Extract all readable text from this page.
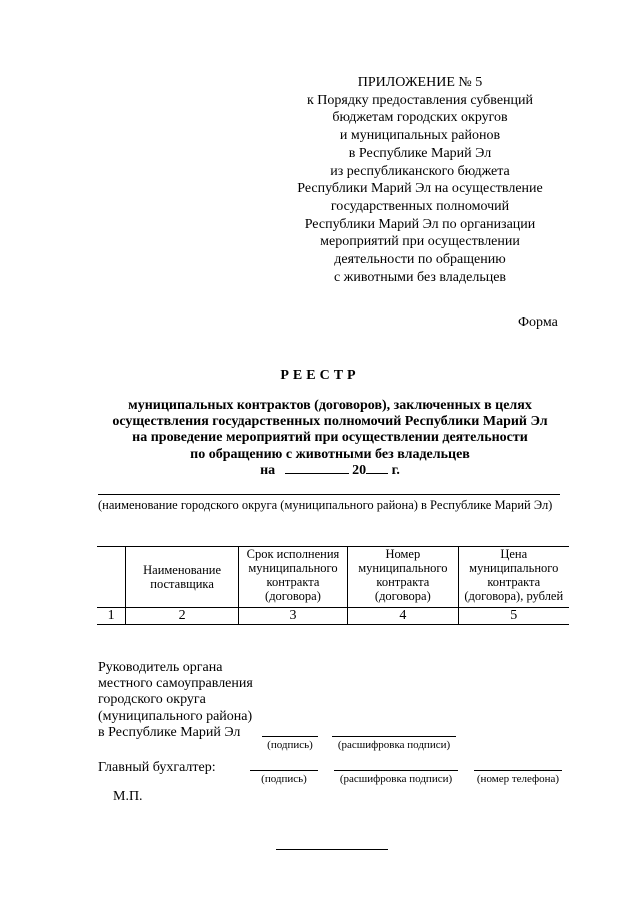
ПРИЛОЖЕНИЕ № 5
к Порядку предоставления субвенций
бюджетам городских округов
и муниципальных районов
в Республике Марий Эл
из республиканского бюджета
Республики Марий Эл на осуществление
государственных полномочий
Республики Марий Эл по организации
мероприятий при осуществлении
деятельности по обращению
с животными без владельцев
Форма
РЕЕСТР
муниципальных контрактов (договоров), заключенных в целях
осуществления государственных полномочий Республики Марий Эл
на проведение мероприятий при осуществлении деятельности
по обращению с животными без владельцев
на	20 г.
(наименование городского округа (муниципального района) в Республике Марий Эл)
	Наименование поставщика	Срок исполнения муниципального контракта (договора)	Номер муниципального контракта (договора)	Цена муниципального контракта (договора), рублей
1	2	3	4	5
Руководитель органа
местного самоуправления
городского округа
(муниципального района)
в Республике Марий Эл
(подпись)	(расшифровка подписи)
Главный бухгалтер:
(подпись)	(расшифровка подписи)	(номер телефона)
М.П.
